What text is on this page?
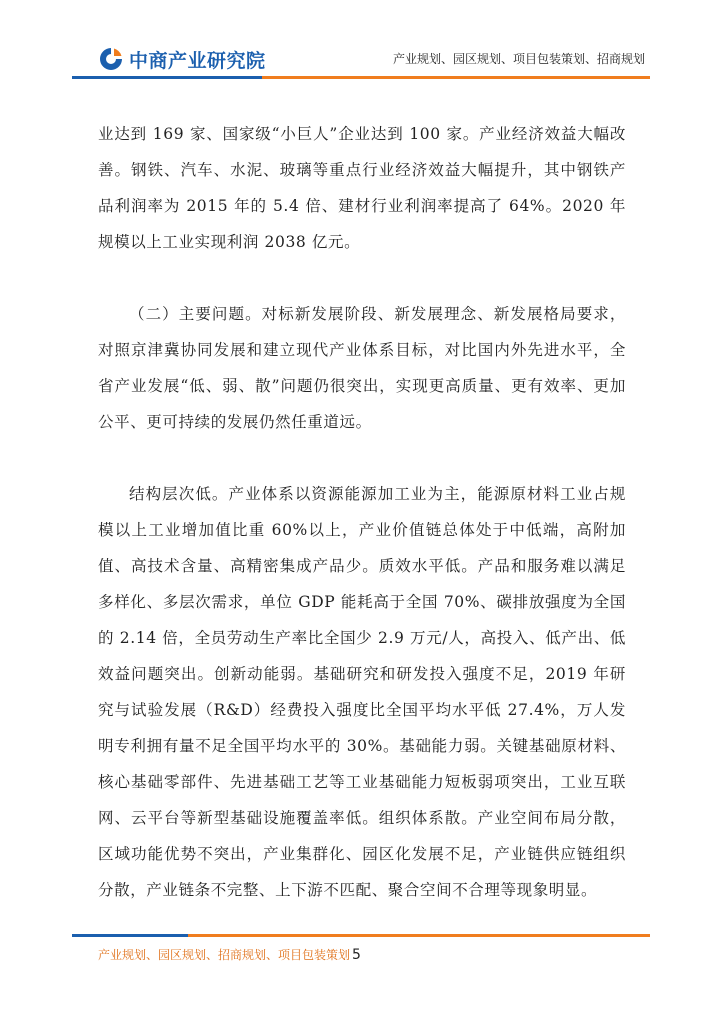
中商产业研究院	产业规划、园区规划、项目包装策划、招商规划

业达到 169 家、国家级“小巨人”企业达到 100 家。产业经济效益大幅改善。钢铁、汽车、水泥、玻璃等重点行业经济效益大幅提升，其中钢铁产品利润率为 2015 年的 5.4 倍、建材行业利润率提高了 64%。2020 年规模以上工业实现利润 2038 亿元。

（二）主要问题。对标新发展阶段、新发展理念、新发展格局要求，对照京津冀协同发展和建立现代产业体系目标，对比国内外先进水平，全省产业发展“低、弱、散”问题仍很突出，实现更高质量、更有效率、更加公平、更可持续的发展仍然任重道远。

结构层次低。产业体系以资源能源加工业为主，能源原材料工业占规模以上工业增加值比重 60%以上，产业价值链总体处于中低端，高附加值、高技术含量、高精密集成产品少。质效水平低。产品和服务难以满足多样化、多层次需求，单位 GDP 能耗高于全国 70%、碳排放强度为全国的 2.14 倍，全员劳动生产率比全国少 2.9 万元/人，高投入、低产出、低效益问题突出。创新动能弱。基础研究和研发投入强度不足，2019 年研究与试验发展（R&D）经费投入强度比全国平均水平低 27.4%，万人发明专利拥有量不足全国平均水平的 30%。基础能力弱。关键基础原材料、核心基础零部件、先进基础工艺等工业基础能力短板弱项突出，工业互联网、云平台等新型基础设施覆盖率低。组织体系散。产业空间布局分散，区域功能优势不突出，产业集群化、园区化发展不足，产业链供应链组织分散，产业链条不完整、上下游不匹配、聚合空间不合理等现象明显。

产业规划、园区规划、招商规划、项目包装策划 5
